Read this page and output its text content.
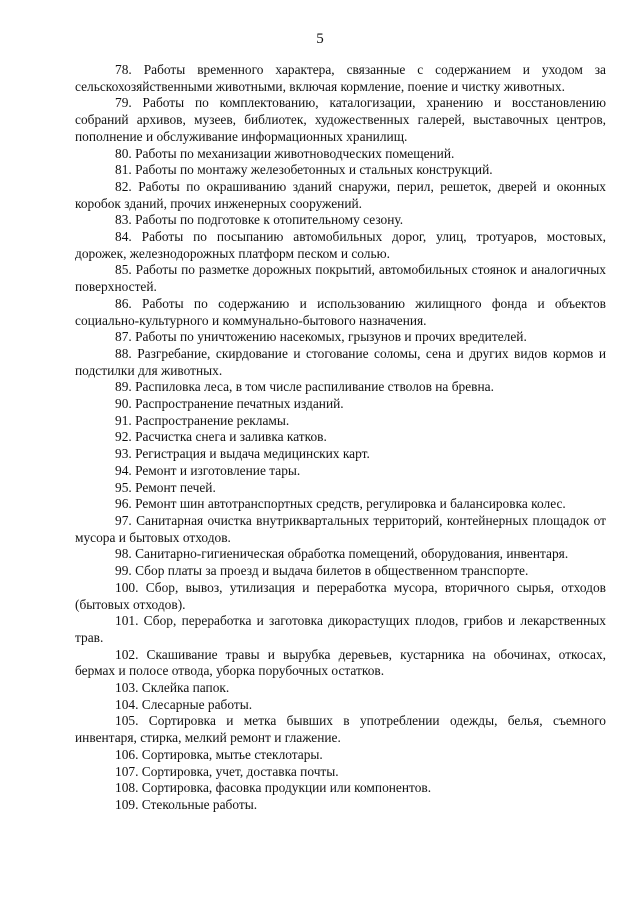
5

78. Работы временного характера, связанные с содержанием и уходом за сельскохозяйственными животными, включая кормление, поение и чистку животных.

79. Работы по комплектованию, каталогизации, хранению и восстановлению собраний архивов, музеев, библиотек, художественных галерей, выставочных центров, пополнение и обслуживание информационных хранилищ.

80. Работы по механизации животноводческих помещений.

81. Работы по монтажу железобетонных и стальных конструкций.

82. Работы по окрашиванию зданий снаружи, перил, решеток, дверей и оконных коробок зданий, прочих инженерных сооружений.

83. Работы по подготовке к отопительному сезону.

84. Работы по посыпанию автомобильных дорог, улиц, тротуаров, мостовых, дорожек, железнодорожных платформ песком и солью.

85. Работы по разметке дорожных покрытий, автомобильных стоянок и аналогичных поверхностей.

86. Работы по содержанию и использованию жилищного фонда и объектов социально-культурного и коммунально-бытового назначения.

87. Работы по уничтожению насекомых, грызунов и прочих вредителей.

88. Разгребание, скирдование и стогование соломы, сена и других видов кормов и подстилки для животных.

89. Распиловка леса, в том числе распиливание стволов на бревна.

90. Распространение печатных изданий.

91. Распространение рекламы.

92. Расчистка снега и заливка катков.

93. Регистрация и выдача медицинских карт.

94. Ремонт и изготовление тары.

95. Ремонт печей.

96. Ремонт шин автотранспортных средств, регулировка и балансировка колес.

97. Санитарная очистка внутриквартальных территорий, контейнерных площадок от мусора и бытовых отходов.

98. Санитарно-гигиеническая обработка помещений, оборудования, инвентаря.

99. Сбор платы за проезд и выдача билетов в общественном транспорте.

100. Сбор, вывоз, утилизация и переработка мусора, вторичного сырья, отходов (бытовых отходов).

101. Сбор, переработка и заготовка дикорастущих плодов, грибов и лекарственных трав.

102. Скашивание травы и вырубка деревьев, кустарника на обочинах, откосах, бермах и полосе отвода, уборка порубочных остатков.

103. Склейка папок.

104. Слесарные работы.

105. Сортировка и метка бывших в употреблении одежды, белья, съемного инвентаря, стирка, мелкий ремонт и глажение.

106. Сортировка, мытье стеклотары.

107. Сортировка, учет, доставка почты.

108. Сортировка, фасовка продукции или компонентов.

109. Стекольные работы.
